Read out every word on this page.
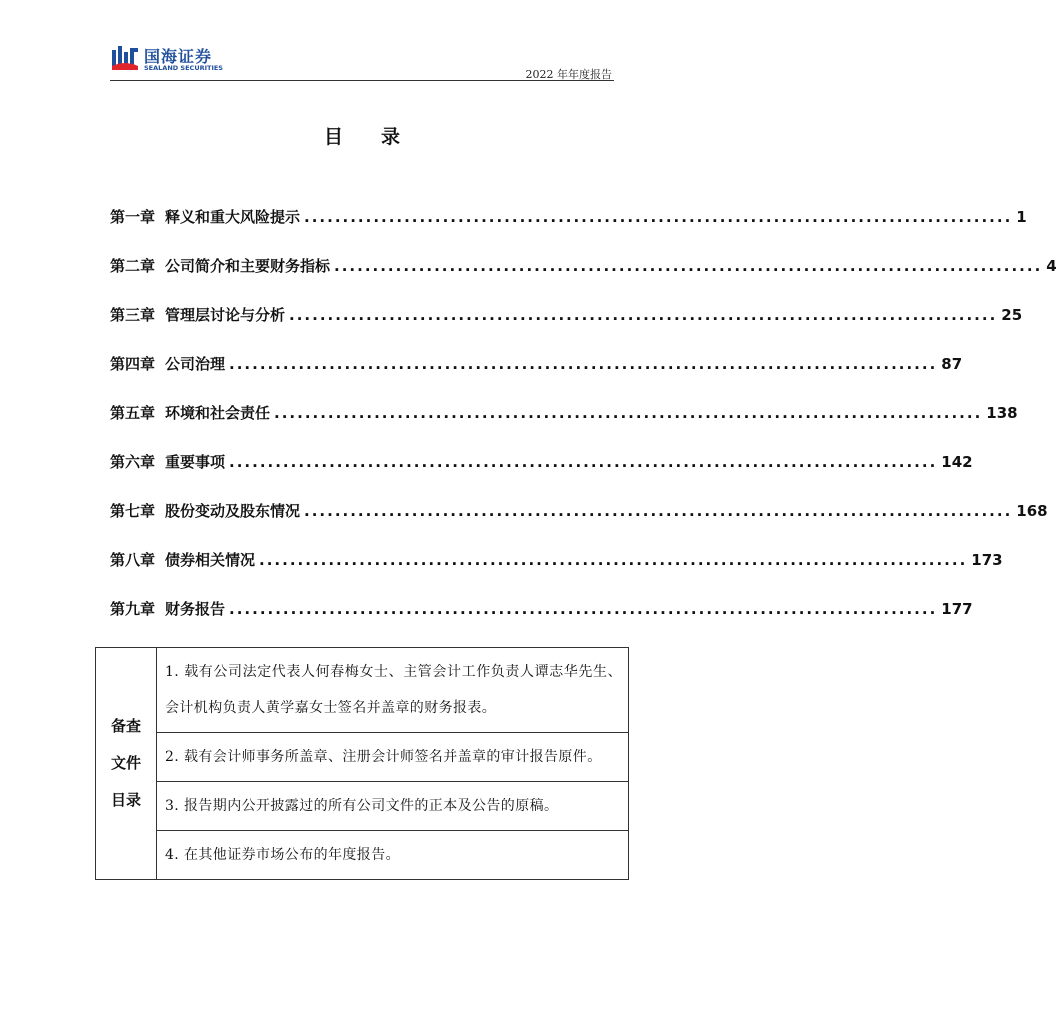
国海证券
SEALAND SECURITIES	2022 年年度报告
目录
第一章 释义和重大风险提示 ............................................................................................ 1
第二章 公司简介和主要财务指标 ............................................................................................ 4
第三章 管理层讨论与分析 ............................................................................................ 25
第四章 公司治理 ............................................................................................ 87
第五章 环境和社会责任 ............................................................................................ 138
第六章 重要事项 ............................................................................................ 142
第七章 股份变动及股东情况 ............................................................................................ 168
第八章 债券相关情况 ............................................................................................ 173
第九章 财务报告 ............................................................................................ 177
备查
文件
目录
	1. 载有公司法定代表人何春梅女士、主管会计工作负责人谭志华先生、会计机构负责人黄学嘉女士签名并盖章的财务报表。
2. 载有会计师事务所盖章、注册会计师签名并盖章的审计报告原件。
3. 报告期内公开披露过的所有公司文件的正本及公告的原稿。
4. 在其他证券市场公布的年度报告。
